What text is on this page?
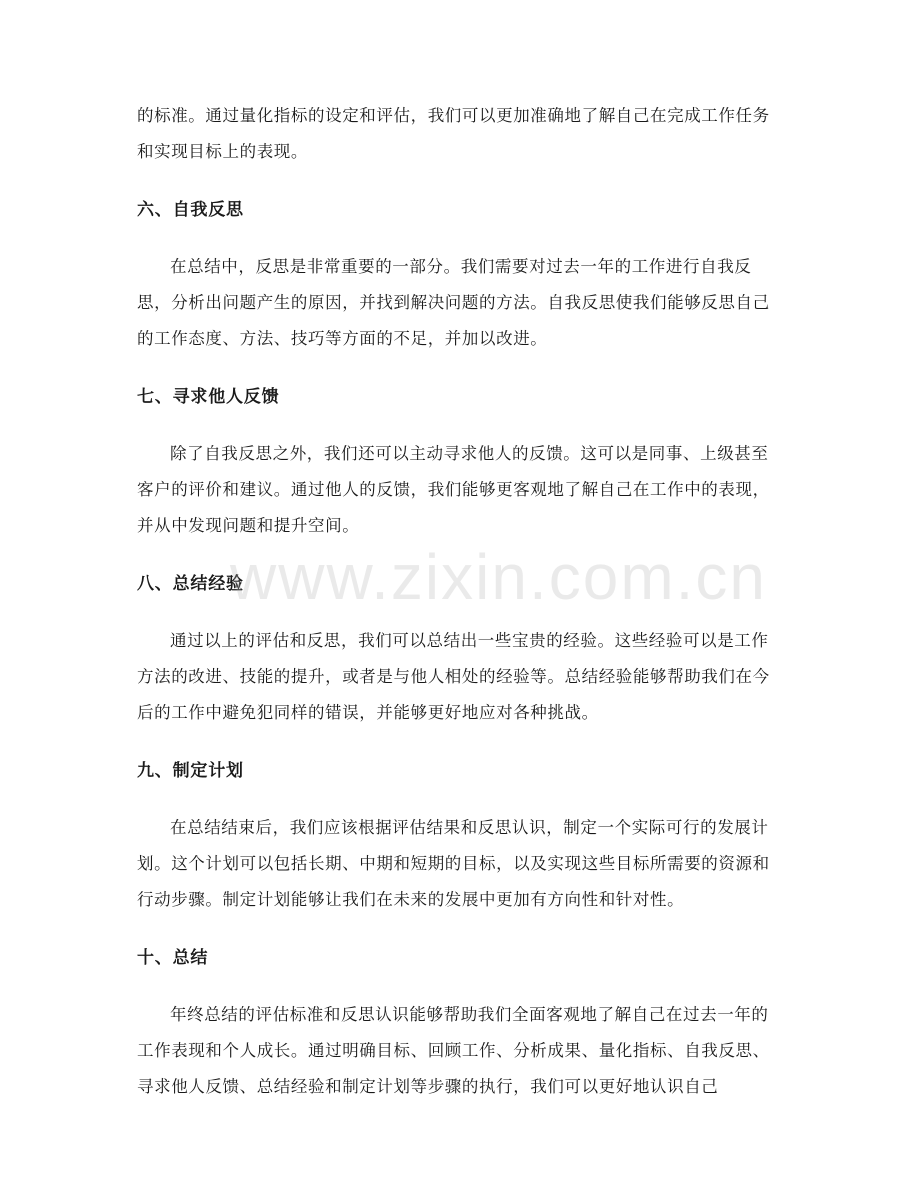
的标准。通过量化指标的设定和评估，我们可以更加准确地了解自己在完成工作任务和实现目标上的表现。

六、自我反思

在总结中，反思是非常重要的一部分。我们需要对过去一年的工作进行自我反思，分析出问题产生的原因，并找到解决问题的方法。自我反思使我们能够反思自己的工作态度、方法、技巧等方面的不足，并加以改进。

七、寻求他人反馈

除了自我反思之外，我们还可以主动寻求他人的反馈。这可以是同事、上级甚至客户的评价和建议。通过他人的反馈，我们能够更客观地了解自己在工作中的表现，并从中发现问题和提升空间。

八、总结经验

通过以上的评估和反思，我们可以总结出一些宝贵的经验。这些经验可以是工作方法的改进、技能的提升，或者是与他人相处的经验等。总结经验能够帮助我们在今后的工作中避免犯同样的错误，并能够更好地应对各种挑战。

九、制定计划

在总结结束后，我们应该根据评估结果和反思认识，制定一个实际可行的发展计划。这个计划可以包括长期、中期和短期的目标，以及实现这些目标所需要的资源和行动步骤。制定计划能够让我们在未来的发展中更加有方向性和针对性。

十、总结

年终总结的评估标准和反思认识能够帮助我们全面客观地了解自己在过去一年的工作表现和个人成长。通过明确目标、回顾工作、分析成果、量化指标、自我反思、寻求他人反馈、总结经验和制定计划等步骤的执行，我们可以更好地认识自己

www.zixin.com.cn
